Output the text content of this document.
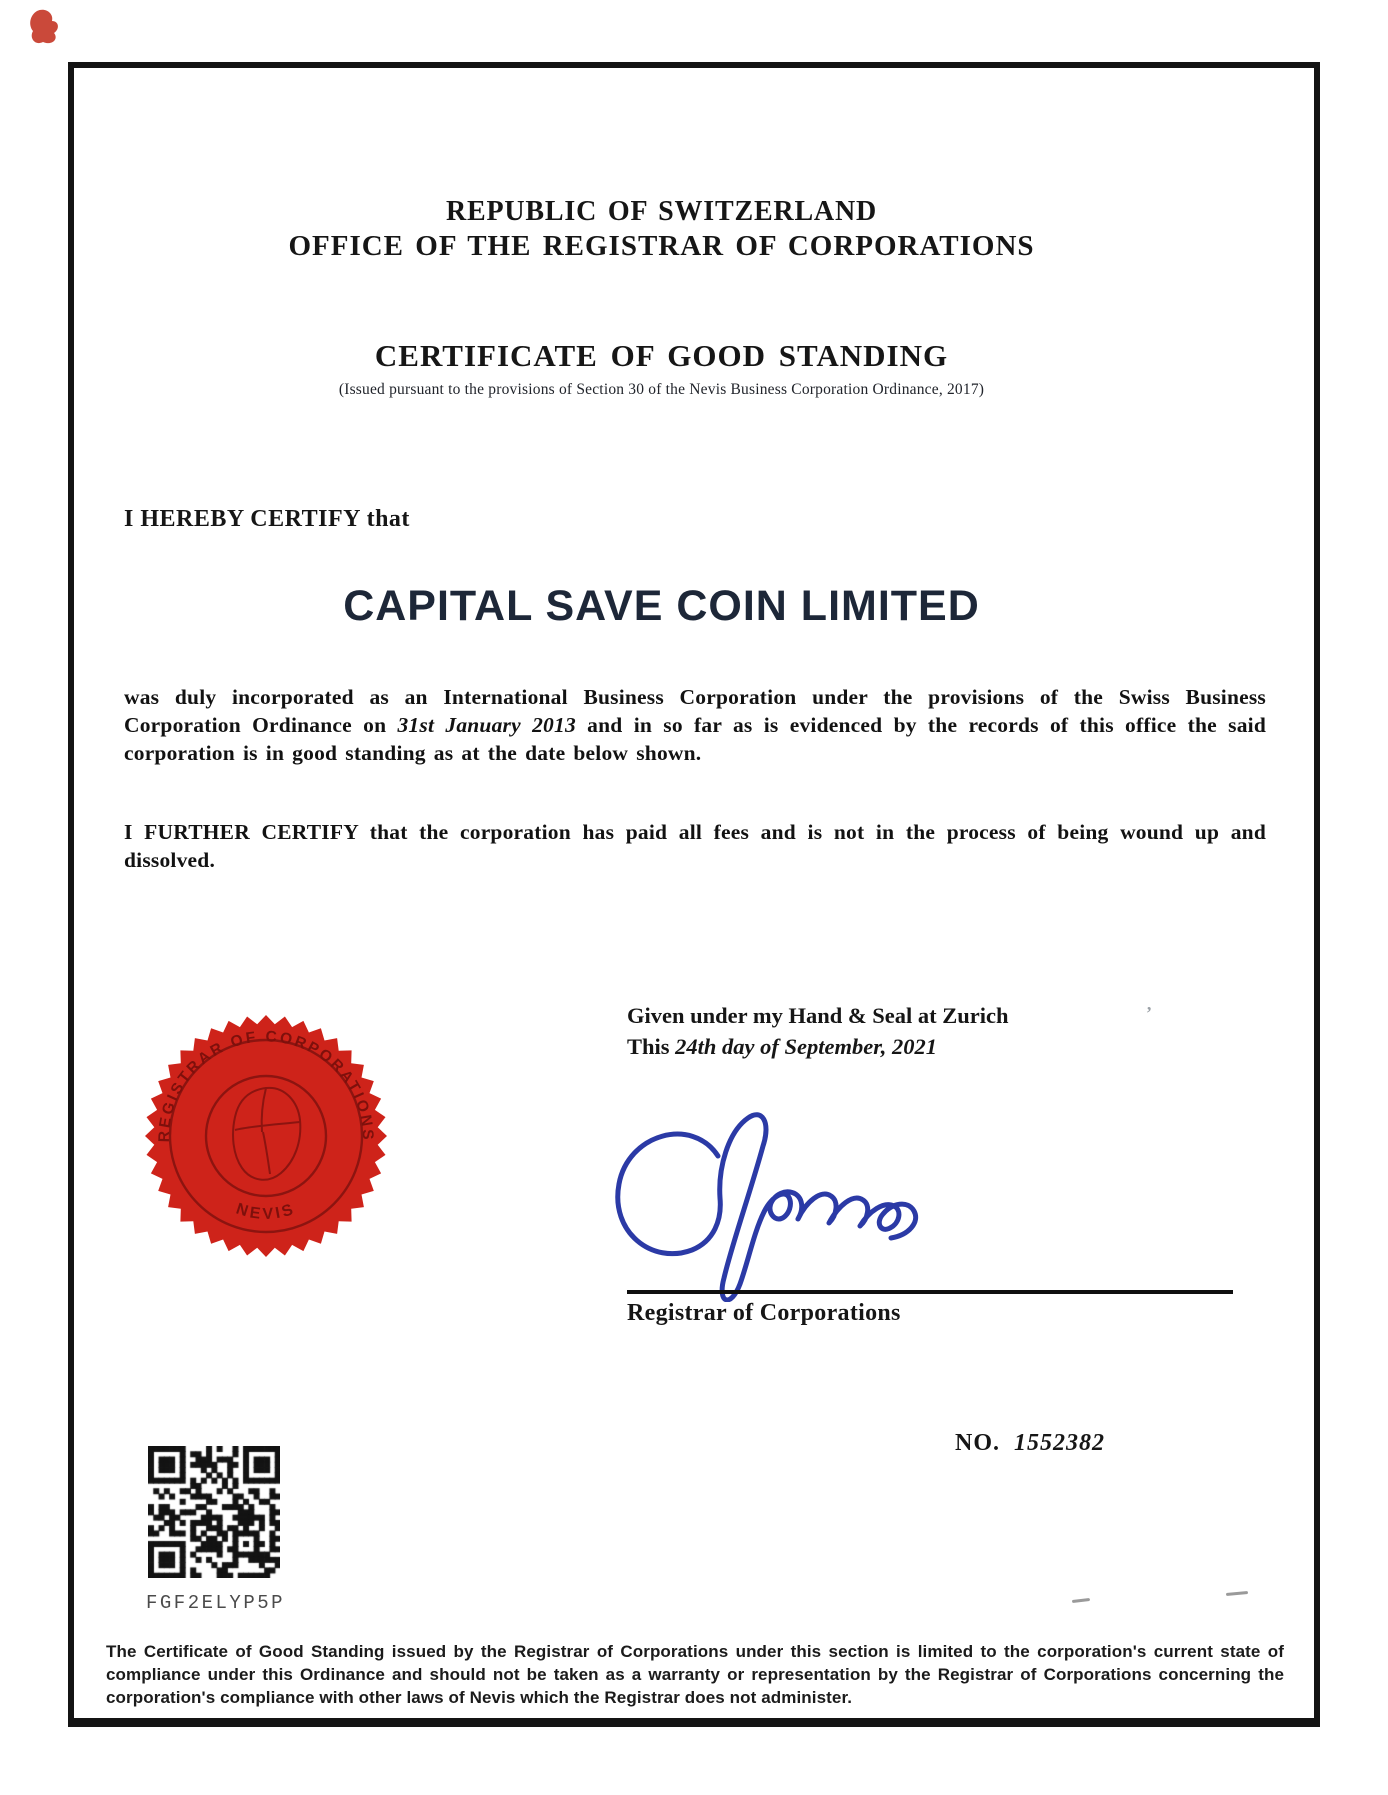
REPUBLIC OF SWITZERLAND
OFFICE OF THE REGISTRAR OF CORPORATIONS
CERTIFICATE OF GOOD STANDING
(Issued pursuant to the provisions of Section 30 of the Nevis Business Corporation Ordinance, 2017)
I HEREBY CERTIFY that
CAPITAL SAVE COIN LIMITED
was duly incorporated as an International Business Corporation under the provisions of the Swiss Business Corporation Ordinance on 31st January 2013 and in so far as is evidenced by the records of this office the said corporation is in good standing as at the date below shown.
I FURTHER CERTIFY that the corporation has paid all fees and is not in the process of being wound up and dissolved.
REGISTRAR OF CORPORATIONS
NEVIS
Given under my Hand & Seal at Zurich
This 24th day of September, 2021
’
Registrar of Corporations
NO. 1552382
FGF2ELYP5P
The Certificate of Good Standing issued by the Registrar of Corporations under this section is limited to the corporation's current state of compliance under this Ordinance and should not be taken as a warranty or representation by the Registrar of Corporations concerning the corporation's compliance with other laws of Nevis which the Registrar does not administer.
